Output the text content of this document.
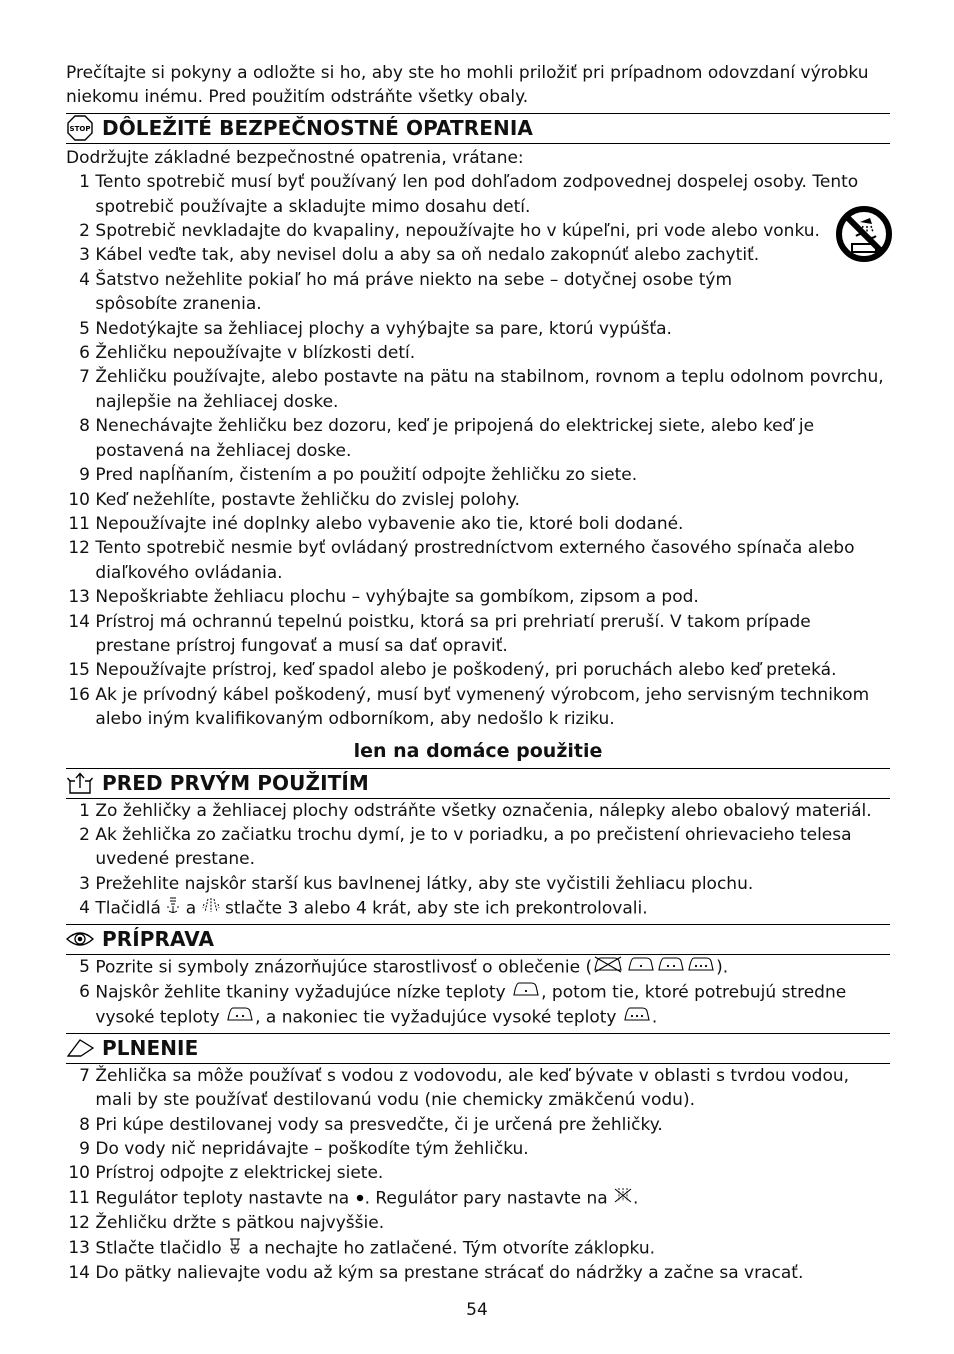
Prečítajte si pokyny a odložte si ho, aby ste ho mohli priložiť pri prípadnom odovzdaní výrobku niekomu inému. Pred použitím odstráňte všetky obaly.

STOP DÔLEŽITÉ BEZPEČNOSTNÉ OPATRENIA

Dodržujte základné bezpečnostné opatrenia, vrátane:

1
Tento spotrebič musí byť používaný len pod dohľadom zodpovednej dospelej osoby. Tento spotrebič používajte a skladujte mimo dosahu detí.
2
Spotrebič nevkladajte do kvapaliny, nepoužívajte ho v kúpeľni, pri vode alebo vonku.
3
Kábel veďte tak, aby nevisel dolu a aby sa oň nedalo zakopnúť alebo zachytiť.
4
Šatstvo nežehlite pokiaľ ho má práve niekto na sebe – dotyčnej osobe tým spôsobíte zranenia.
5
Nedotýkajte sa žehliacej plochy a vyhýbajte sa pare, ktorú vypúšťa.
6
Žehličku nepoužívajte v blízkosti detí.
7
Žehličku používajte, alebo postavte na pätu na stabilnom, rovnom a teplu odolnom povrchu, najlepšie na žehliacej doske.
8
Nenechávajte žehličku bez dozoru, keď je pripojená do elektrickej siete, alebo keď je postavená na žehliacej doske.
9
Pred napĺňaním, čistením a po použití odpojte žehličku zo siete.
10
Keď nežehlíte, postavte žehličku do zvislej polohy.
11
Nepoužívajte iné doplnky alebo vybavenie ako tie, ktoré boli dodané.
12
Tento spotrebič nesmie byť ovládaný prostredníctvom externého časového spínača alebo diaľkového ovládania.
13
Nepoškriabte žehliacu plochu – vyhýbajte sa gombíkom, zipsom a pod.
14
Prístroj má ochrannú tepelnú poistku, ktorá sa pri prehriatí preruší. V takom prípade prestane prístroj fungovať a musí sa dať opraviť.
15
Nepoužívajte prístroj, keď spadol alebo je poškodený, pri poruchách alebo keď preteká.
16
Ak je prívodný kábel poškodený, musí byť vymenený výrobcom, jeho servisným technikom alebo iným kvalifikovaným odborníkom, aby nedošlo k riziku.
len na domáce použitie
PRED PRVÝM POUŽITÍM
1
Zo žehličky a žehliacej plochy odstráňte všetky označenia, nálepky alebo obalový materiál.
2
Ak žehlička zo začiatku trochu dymí, je to v poriadku, a po prečistení ohrievacieho telesa uvedené prestane.
3
Prežehlite najskôr starší kus bavlnenej látky, aby ste vyčistili žehliacu plochu.
4
Tlačidlá a stlačte 3 alebo 4 krát, aby ste ich prekontrolovali.
PRÍPRAVA
5
Pozrite si symboly znázorňujúce starostlivosť o oblečenie (	).
6
Najskôr žehlite tkaniny vyžadujúce nízke teploty , potom tie, ktoré potrebujú stredne vysoké teploty , a nakoniec tie vyžadujúce vysoké teploty .
PLNENIE
7
Žehlička sa môže používať s vodou z vodovodu, ale keď bývate v oblasti s tvrdou vodou, mali by ste používať destilovanú vodu (nie chemicky zmäkčenú vodu).
8
Pri kúpe destilovanej vody sa presvedčte, či je určená pre žehličky.
9
Do vody nič nepridávajte – poškodíte tým žehličku.
10
Prístroj odpojte z elektrickej siete.
11
Regulátor teploty nastavte na . Regulátor pary nastavte na .
12
Žehličku držte s pätkou najvyššie.
13
Stlačte tlačidlo a nechajte ho zatlačené. Tým otvoríte záklopku.
14
Do pätky nalievajte vodu až kým sa prestane strácať do nádržky a začne sa vracať.
54
